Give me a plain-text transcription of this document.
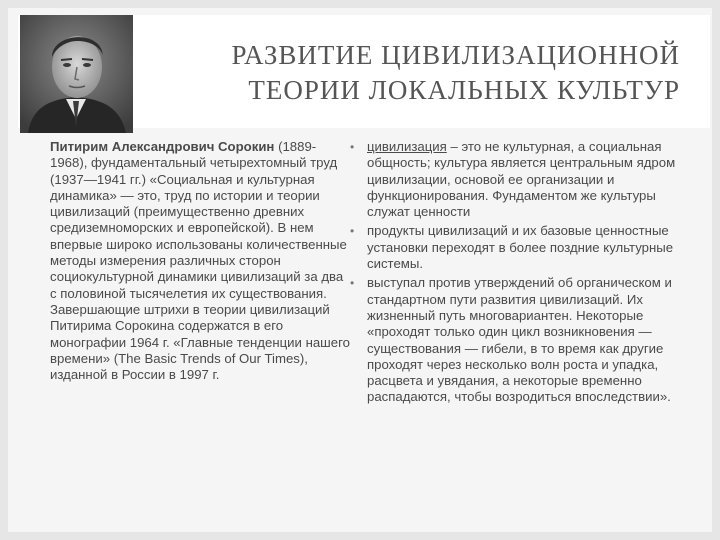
РАЗВИТИЕ ЦИВИЛИЗАЦИОННОЙ
ТЕОРИИ ЛОКАЛЬНЫХ КУЛЬТУР
Питирим Александрович Сорокин (1889-1968), фундаментальный четырехтомный труд (1937—1941 гг.) «Социальная и культурная динамика» — это, труд по истории и теории цивилизаций (преимущественно древних средиземноморских и европейской). В нем впервые широко использованы количественные методы измерения различных сторон социокультурной динамики цивилизаций за два с половиной тысячелетия их существования. Завершающие штрихи в теории цивилизаций Питирима Сорокина содержатся в его монографии 1964 г. «Главные тенденции нашего времени» (The Basic Trends of Our Times), изданной в России в 1997 г.
• цивилизация – это не культурная, а социальная общность; культура является центральным ядром цивилизации, основой ее организации и функционирования. Фундаментом же культуры служат ценности
• продукты цивилизаций и их базовые ценностные установки переходят в более поздние культурные системы.
• выступал против утверждений об органическом и стандартном пути развития цивилизаций. Их жизненный путь многовариантен. Некоторые «проходят только один цикл возникновения — существования — гибели, в то время как другие проходят через несколько волн роста и упадка, расцвета и увядания, а некоторые временно распадаются, чтобы возродиться впоследствии».
